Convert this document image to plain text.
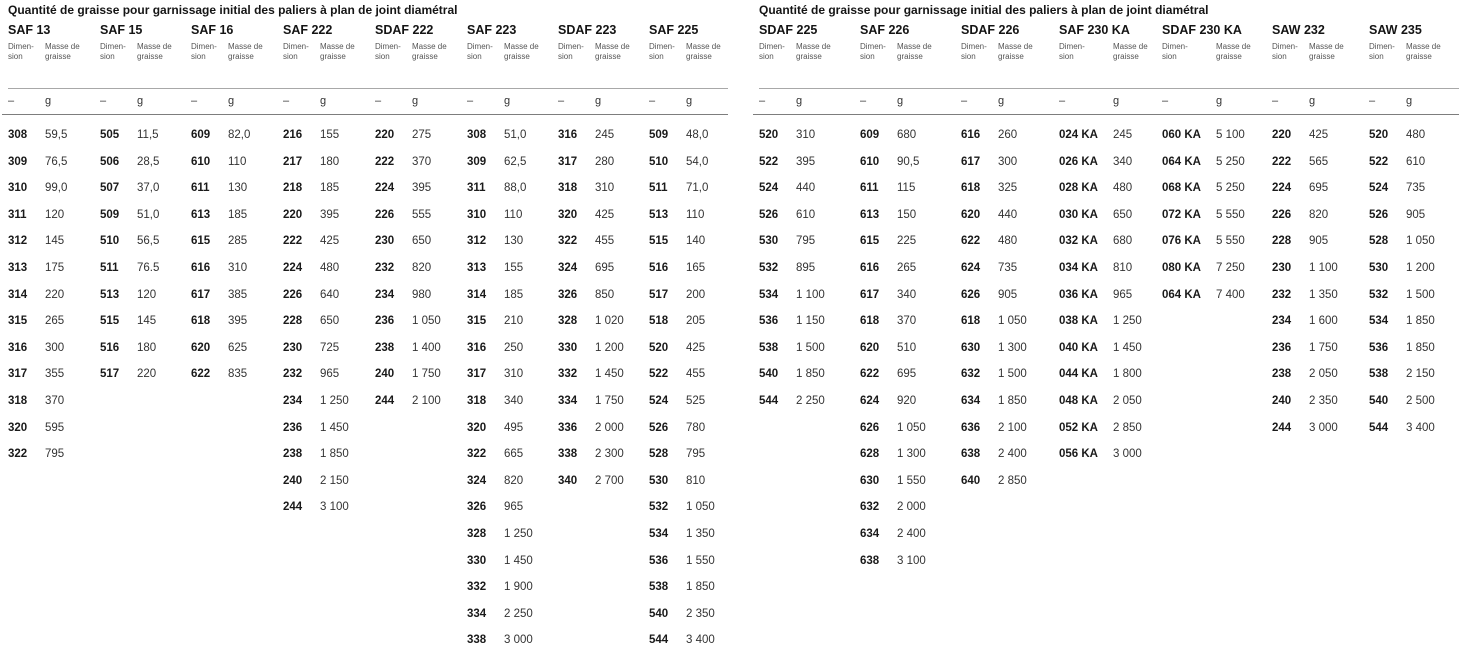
Quantité de graisse pour garnissage initial des paliers à plan de joint diamétral
SAF 13
Dimen-
sion
Masse de
graisse
–	g
308 59,5
309 76,5
310 99,0
311 120
312 145
313 175
314 220
315 265
316 300
317 355
318 370
320 595
322 795
SAF 15
Dimen-
sion
Masse de
graisse
–	g
505 11,5
506 28,5
507 37,0
509 51,0
510 56,5
511 76.5
513 120
515 145
516 180
517 220
SAF 16
Dimen-
sion
Masse de
graisse
–	g
609 82,0
610 110
611 130
613 185
615 285
616 310
617 385
618 395
620 625
622 835
SAF 222
Dimen-
sion
Masse de
graisse
–	g
216 155
217 180
218 185
220 395
222 425
224 480
226 640
228 650
230 725
232 965
234 1 250
236 1 450
238 1 850
240 2 150
244 3 100
SDAF 222
Dimen-
sion
Masse de
graisse
–	g
220 275
222 370
224 395
226 555
230 650
232 820
234 980
236 1 050
238 1 400
240 1 750
244 2 100
SAF 223
Dimen-
sion
Masse de
graisse
–	g
308 51,0
309 62,5
311 88,0
310 110
312 130
313 155
314 185
315 210
316 250
317 310
318 340
320 495
322 665
324 820
326 965
328 1 250
330 1 450
332 1 900
334 2 250
338 3 000
SDAF 223
Dimen-
sion
Masse de
graisse
–	g
316 245
317 280
318 310
320 425
322 455
324 695
326 850
328 1 020
330 1 200
332 1 450
334 1 750
336 2 000
338 2 300
340 2 700
SAF 225
Dimen-
sion
Masse de
graisse
–	g
509 48,0
510 54,0
511 71,0
513 110
515 140
516 165
517 200
518 205
520 425
522 455
524 525
526 780
528 795
530 810
532 1 050
534 1 350
536 1 550
538 1 850
540 2 350
544 3 400
Quantité de graisse pour garnissage initial des paliers à plan de joint diamétral
SDAF 225
Dimen-
sion
Masse de
graisse
–	g
520 310
522 395
524 440
526 610
530 795
532 895
534 1 100
536 1 150
538 1 500
540 1 850
544 2 250
SAF 226
Dimen-
sion
Masse de
graisse
–	g
609 680
610 90,5
611 115
613 150
615 225
616 265
617 340
618 370
620 510
622 695
624 920
626 1 050
628 1 300
630 1 550
632 2 000
634 2 400
638 3 100
SDAF 226
Dimen-
sion
Masse de
graisse
–	g
616 260
617 300
618 325
620 440
622 480
624 735
626 905
618 1 050
630 1 300
632 1 500
634 1 850
636 2 100
638 2 400
640 2 850
SAF 230 KA
Dimen-
sion
Masse de
graisse
–	g
024 KA 245
026 KA 340
028 KA 480
030 KA 650
032 KA 680
034 KA 810
036 KA 965
038 KA 1 250
040 KA 1 450
044 KA 1 800
048 KA 2 050
052 KA 2 850
056 KA 3 000
SDAF 230 KA
Dimen-
sion
Masse de
graisse
–	g
060 KA 5 100
064 KA 5 250
068 KA 5 250
072 KA 5 550
076 KA 5 550
080 KA 7 250
064 KA 7 400
SAW 232
Dimen-
sion
Masse de
graisse
–	g
220 425
222 565
224 695
226 820
228 905
230 1 100
232 1 350
234 1 600
236 1 750
238 2 050
240 2 350
244 3 000
SAW 235
Dimen-
sion
Masse de
graisse
–	g
520 480
522 610
524 735
526 905
528 1 050
530 1 200
532 1 500
534 1 850
536 1 850
538 2 150
540 2 500
544 3 400
